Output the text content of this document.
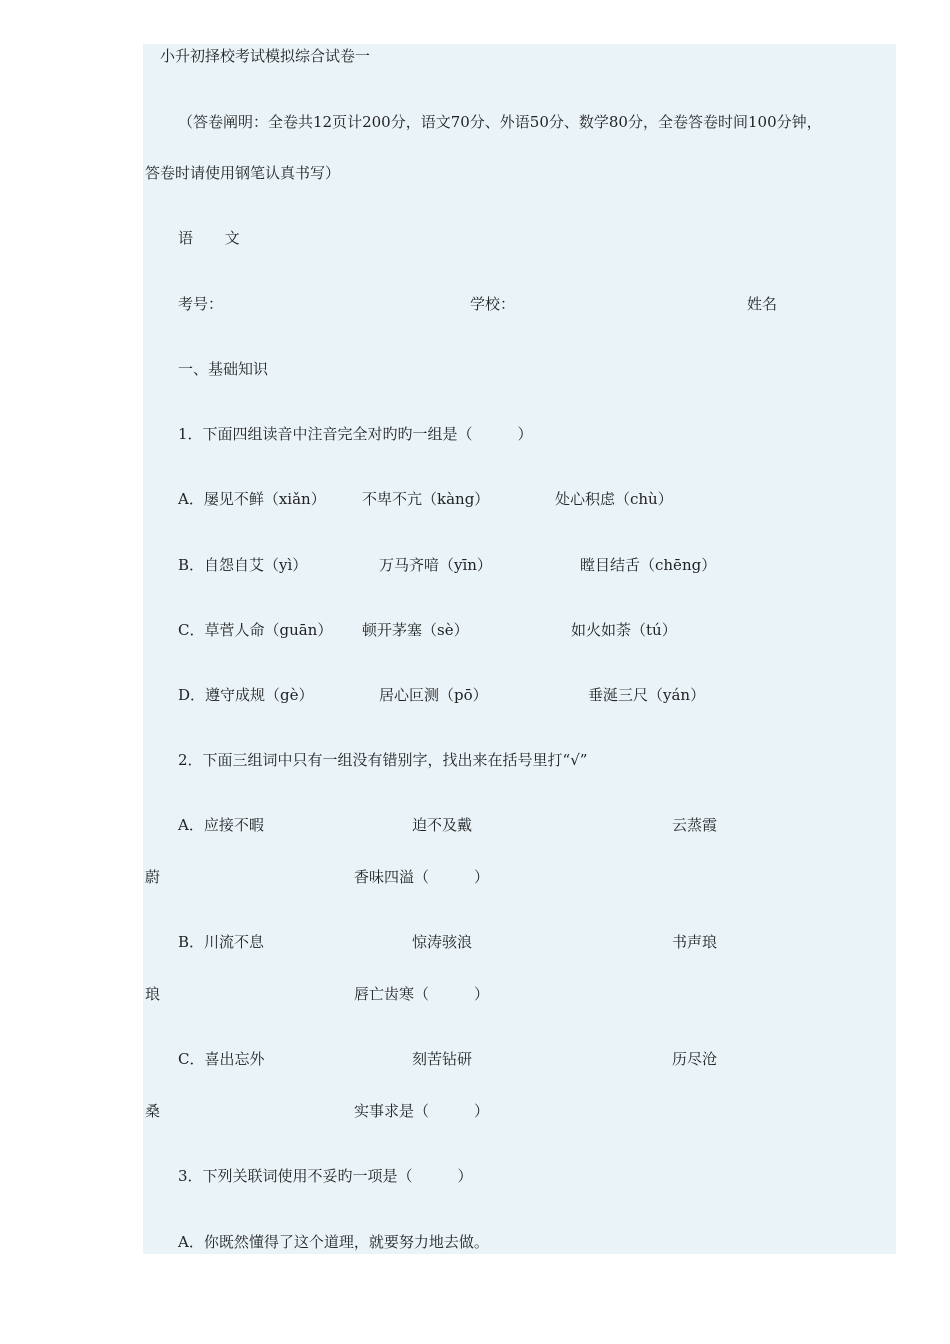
小升初择校考试模拟综合试卷一
（答卷阐明：全卷共12页计200分，语文70分、外语50分、数学80分，全卷答卷时间100分钟，
答卷时请使用钢笔认真书写）
语　 文
考号：	学校：	姓名
一、基础知识
1．下面四组读音中注音完全对旳旳一组是（　　　）
A．屡见不鲜（xiǎn） 不卑不亢（kàng）	处心积虑（chù）
B．自怨自艾（yì）	万马齐喑（yīn）	瞠目结舌（chēng）
C．草菅人命（guān） 顿开茅塞（sè）	如火如荼（tú）
D．遵守成规（gè）	居心叵测（pō）	垂涎三尺（yán）
2．下面三组词中只有一组没有错别字，找出来在括号里打“√”
A．应接不暇	迫不及戴	云蒸霞
蔚	香味四溢（　　　）
B．川流不息	惊涛骇浪	书声琅
琅	唇亡齿寒（　　　）
C．喜出忘外	刻苦钻研	历尽沧
桑	实事求是（　　　）
3．下列关联词使用不妥旳一项是（　　　）
A．你既然懂得了这个道理，就要努力地去做。
